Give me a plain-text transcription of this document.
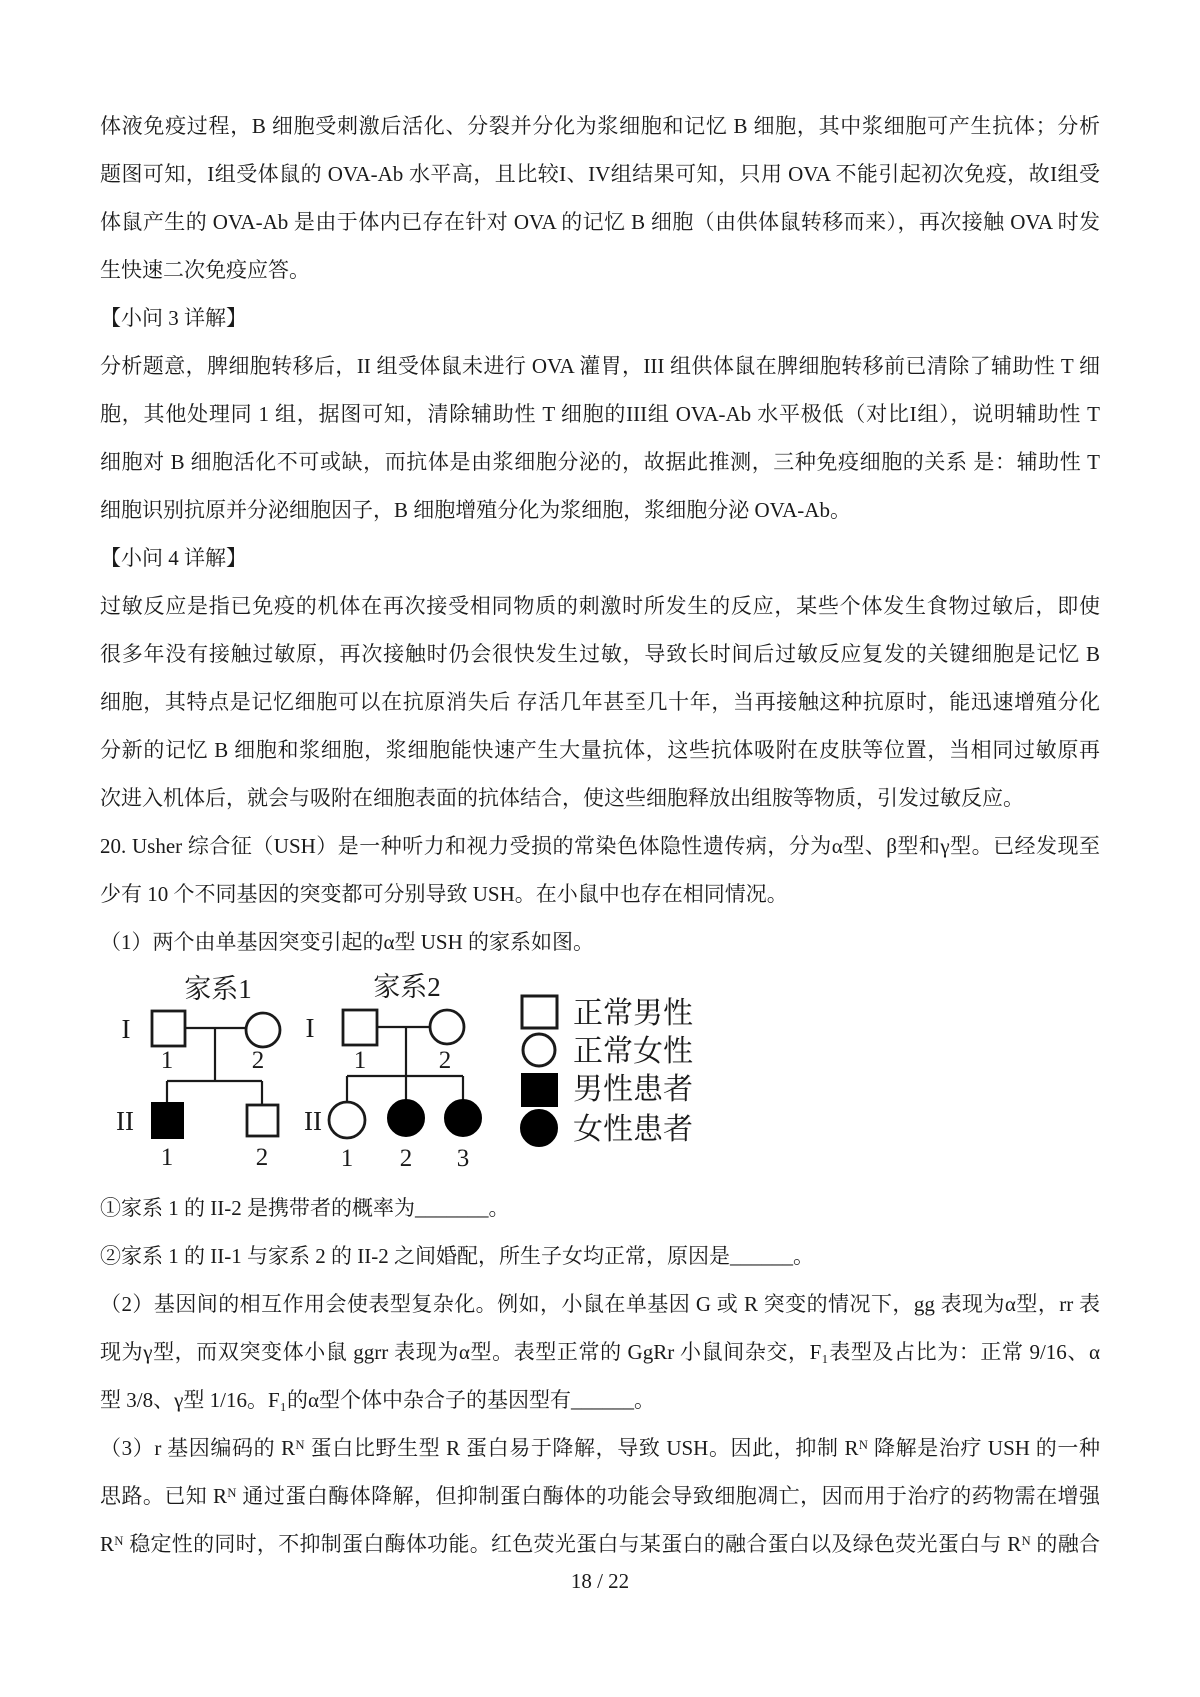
体液免疫过程，B 细胞受刺激后活化、分裂并分化为浆细胞和记忆 B 细胞，其中浆细胞可产生抗体；分析
题图可知，I组受体鼠的 OVA-Ab 水平高，且比较I、IV组结果可知，只用 OVA 不能引起初次免疫，故I组受
体鼠产生的 OVA-Ab 是由于体内已存在针对 OVA 的记忆 B 细胞（由供体鼠转移而来），再次接触 OVA 时发
生快速二次免疫应答。
【小问 3 详解】
分析题意，脾细胞转移后，II 组受体鼠未进行 OVA 灌胃，III 组供体鼠在脾细胞转移前已清除了辅助性 T 细
胞，其他处理同 1 组，据图可知，清除辅助性 T 细胞的III组 OVA-Ab 水平极低（对比I组），说明辅助性 T
细胞对 B 细胞活化不可或缺，而抗体是由浆细胞分泌的，故据此推测，三种免疫细胞的关系 是：辅助性 T
细胞识别抗原并分泌细胞因子，B 细胞增殖分化为浆细胞，浆细胞分泌 OVA-Ab。
【小问 4 详解】
过敏反应是指已免疫的机体在再次接受相同物质的刺激时所发生的反应，某些个体发生食物过敏后，即使
很多年没有接触过敏原，再次接触时仍会很快发生过敏，导致长时间后过敏反应复发的关键细胞是记忆 B
细胞，其特点是记忆细胞可以在抗原消失后 存活几年甚至几十年，当再接触这种抗原时，能迅速增殖分化
分新的记忆 B 细胞和浆细胞，浆细胞能快速产生大量抗体，这些抗体吸附在皮肤等位置，当相同过敏原再
次进入机体后，就会与吸附在细胞表面的抗体结合，使这些细胞释放出组胺等物质，引发过敏反应。
20. Usher 综合征（USH）是一种听力和视力受损的常染色体隐性遗传病，分为α型、β型和γ型。已经发现至
少有 10 个不同基因的突变都可分别导致 USH。在小鼠中也存在相同情况。
（1）两个由单基因突变引起的α型 USH 的家系如图。
家系1
I
II
1	2
1	2
家系2
I
II
1	2
1 2 3
正常男性
正常女性
男性患者
女性患者
①家系 1 的 II-2 是携带者的概率为_______。
②家系 1 的 II-1 与家系 2 的 II-2 之间婚配，所生子女均正常，原因是______。
（2）基因间的相互作用会使表型复杂化。例如，小鼠在单基因 G 或 R 突变的情况下，gg 表现为α型，rr 表
现为γ型，而双突变体小鼠 ggrr 表现为α型。表型正常的 GgRr 小鼠间杂交，F₁表型及占比为：正常 9/16、α
型 3/8、γ型 1/16。F₁的α型个体中杂合子的基因型有______。
（3）r 基因编码的 Rᴺ 蛋白比野生型 R 蛋白易于降解，导致 USH。因此，抑制 Rᴺ 降解是治疗 USH 的一种
思路。已知 Rᴺ 通过蛋白酶体降解，但抑制蛋白酶体的功能会导致细胞凋亡，因而用于治疗的药物需在增强
Rᴺ 稳定性的同时，不抑制蛋白酶体功能。红色荧光蛋白与某蛋白的融合蛋白以及绿色荧光蛋白与 Rᴺ 的融合
18 / 22
